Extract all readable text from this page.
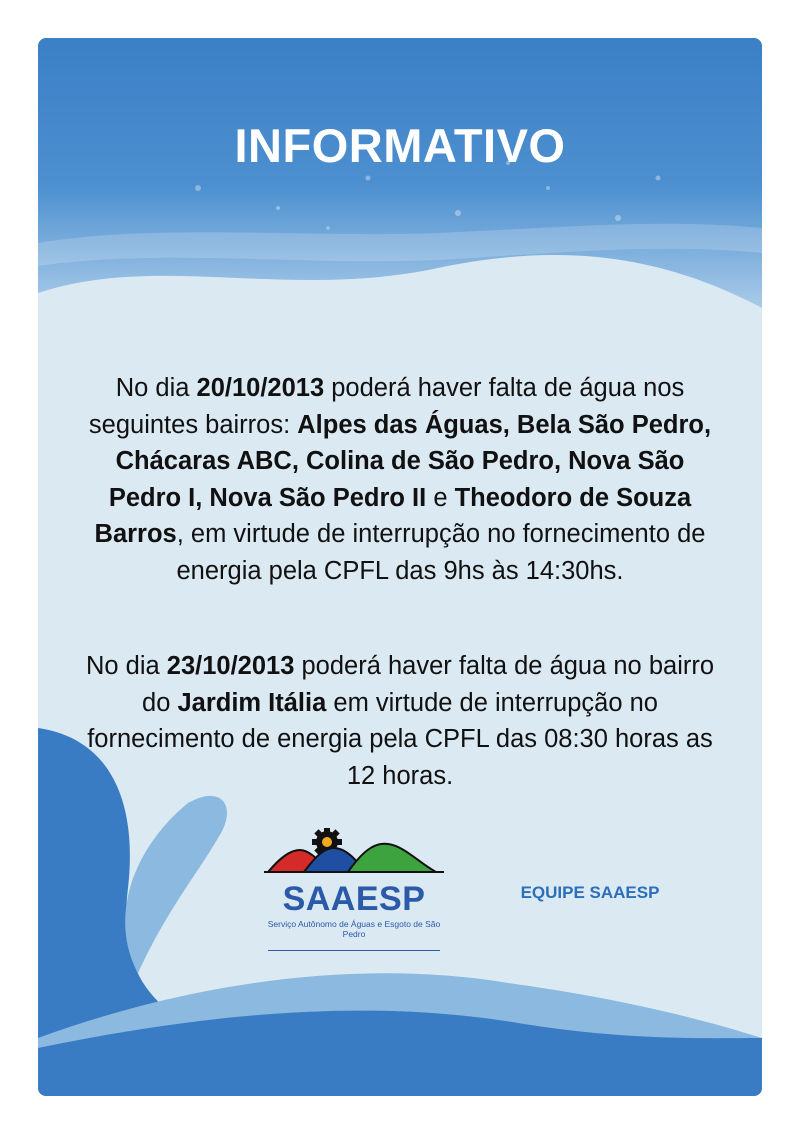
INFORMATIVO
No dia 20/10/2013 poderá haver falta de água nos seguintes bairros: Alpes das Águas, Bela São Pedro, Chácaras ABC, Colina de São Pedro, Nova São Pedro I, Nova São Pedro II e Theodoro de Souza Barros, em virtude de interrupção no fornecimento de energia pela CPFL das 9hs às 14:30hs.
No dia 23/10/2013 poderá haver falta de água no bairro do Jardim Itália em virtude de interrupção no fornecimento de energia pela CPFL das 08:30 horas as 12 horas.
SAAESP
Serviço Autônomo de Águas e Esgoto de São Pedro
EQUIPE SAAESP
